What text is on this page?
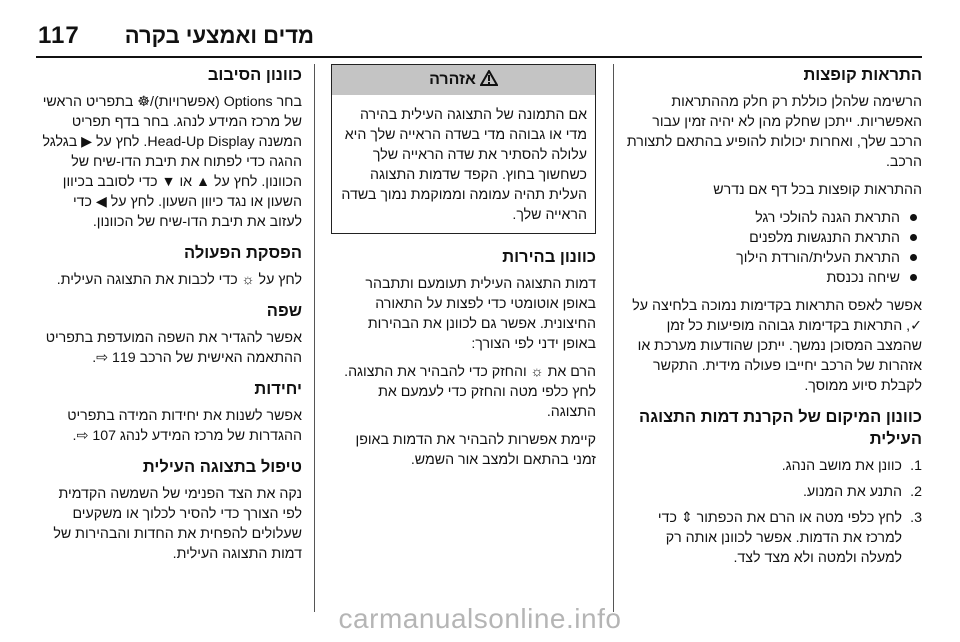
117 מדים ואמצעי בקרה
התראות קופצות

הרשימה שלהלן כוללת רק חלק מההתראות האפשריות. ייתכן שחלק מהן לא יהיה זמין עבור הרכב שלך, ואחרות יכולות להופיע בהתאם לתצורת הרכב.

ההתראות קופצות בכל דף אם נדרש

התראת הגנה להולכי רגל
התראת התנגשות מלפנים
התראת העלית/הורדת הילוך
שיחה נכנסת

אפשר לאפס התראות בקדימות נמוכה בלחיצה על ✓, התראות בקדימות גבוהה מופיעות כל זמן שהמצב המסוכן נמשך. ייתכן שהודעות מערכת או אזהרות של הרכב יחייבו פעולה מידית. התקשר לקבלת סיוע ממוסך.

כוונון המיקום של הקרנת דמות התצוגה העילית
1.
כוונן את מושב הנהג.
2.
התנע את המנוע.
3.
לחץ כלפי מטה או הרם את הכפתור ⇕ כדי למרכז את הדמות. אפשר לכוונן אותה רק למעלה ולמטה ולא מצד לצד.
אזהרה
אם התמונה של התצוגה העילית בהירה מדי או גבוהה מדי בשדה הראייה שלך היא עלולה להסתיר את שדה הראייה שלך כשחשוך בחוץ. הקפד שדמות התצוגה העלית תהיה עמומה וממוקמת נמוך בשדה הראייה שלך.
כוונון בהירות

דמות התצוגה העילית תעומעם ותתבהר באופן אוטומטי כדי לפצות על התאורה החיצונית. אפשר גם לכוונן את הבהירות באופן ידני לפי הצורך:

הרם את ☼ והחזק כדי להבהיר את התצוגה. לחץ כלפי מטה והחזק כדי לעמעם את התצוגה.

קיימת אפשרות להבהיר את הדמות באופן זמני בהתאם ולמצב אור השמש.

כוונון הסיבוב

בחר Options (אפשרויות)/☸ בתפריט הראשי של מרכז המידע לנהג. בחר בדף תפריט המשנה Head-Up Display. לחץ על ▶ בגלגל ההגה כדי לפתוח את תיבת הדו-שיח של הכוונון. לחץ על ▲ או ▼ כדי לסובב בכיוון השעון או נגד כיוון השעון. לחץ על ◀ כדי לעזוב את תיבת הדו-שיח של הכוונון.

הפסקת הפעולה

לחץ על ☼ כדי לכבות את התצוגה העילית.

שפה

אפשר להגדיר את השפה המועדפת בתפריט ההתאמה האישית של הרכב 119 ⇨.

יחידות

אפשר לשנות את יחידות המידה בתפריט ההגדרות של מרכז המידע לנהג 107 ⇨.

טיפול בתצוגה העילית

נקה את הצד הפנימי של השמשה הקדמית לפי הצורך כדי להסיר לכלוך או משקעים שעלולים להפחית את החדות והבהירות של דמות התצוגה העילית.

carmanualsonline.info
